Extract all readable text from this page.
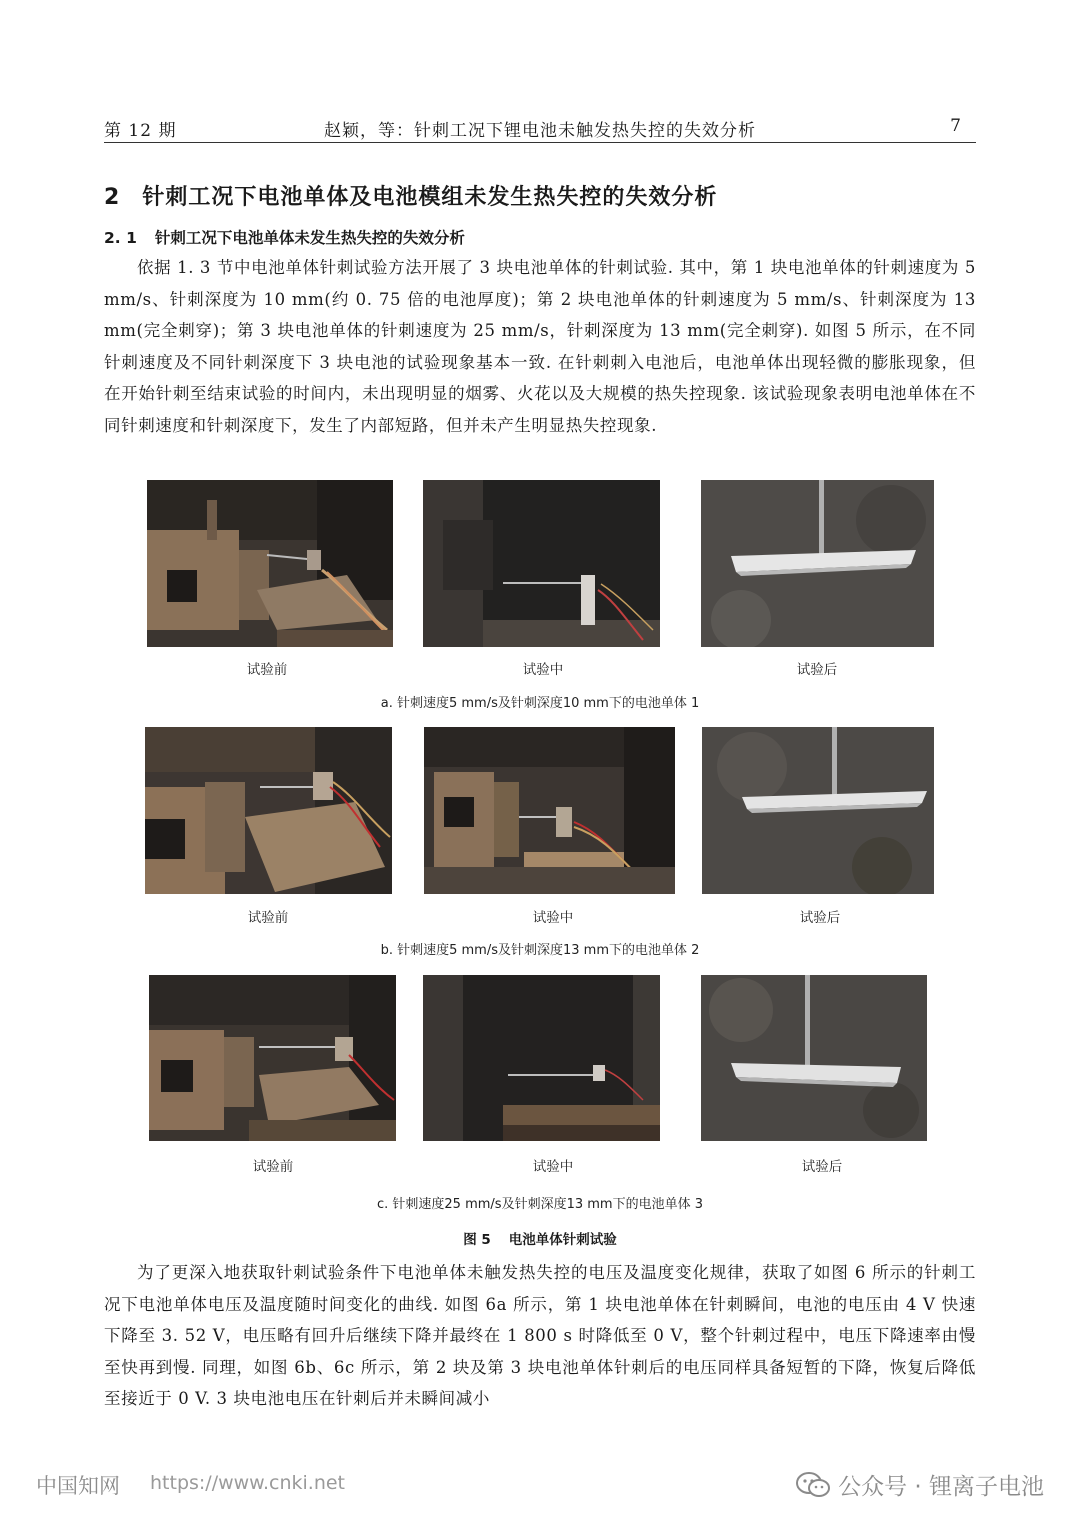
第 12 期	赵颖，等：针刺工况下锂电池未触发热失控的失效分析	7
2 针刺工况下电池单体及电池模组未发生热失控的失效分析
2. 1 针刺工况下电池单体未发生热失控的失效分析
依据 1. 3 节中电池单体针刺试验方法开展了 3 块电池单体的针刺试验. 其中，第 1 块电池单体的针刺速度为 5 mm/s、针刺深度为 10 mm(约 0. 75 倍的电池厚度)；第 2 块电池单体的针刺速度为 5 mm/s、针刺深度为 13 mm(完全刺穿)；第 3 块电池单体的针刺速度为 25 mm/s，针刺深度为 13 mm(完全刺穿). 如图 5 所示，在不同针刺速度及不同针刺深度下 3 块电池的试验现象基本一致. 在针刺刺入电池后，电池单体出现轻微的膨胀现象，但在开始针刺至结束试验的时间内，未出现明显的烟雾、火花以及大规模的热失控现象. 该试验现象表明电池单体在不同针刺速度和针刺深度下，发生了内部短路，但并未产生明显热失控现象.
试验前	试验中	试验后
a. 针刺速度5 mm/s及针刺深度10 mm下的电池单体 1
试验前	试验中	试验后
b. 针刺速度5 mm/s及针刺深度13 mm下的电池单体 2
试验前	试验中	试验后
c. 针刺速度25 mm/s及针刺深度13 mm下的电池单体 3
图 5 电池单体针刺试验
为了更深入地获取针刺试验条件下电池单体未触发热失控的电压及温度变化规律，获取了如图 6 所示的针刺工况下电池单体电压及温度随时间变化的曲线. 如图 6a 所示，第 1 块电池单体在针刺瞬间，电池的电压由 4 V 快速下降至 3. 52 V，电压略有回升后继续下降并最终在 1 800 s 时降低至 0 V，整个针刺过程中，电压下降速率由慢至快再到慢. 同理，如图 6b、6c 所示，第 2 块及第 3 块电池单体针刺后的电压同样具备短暂的下降，恢复后降低至接近于 0 V. 3 块电池电压在针刺后并未瞬间减小
中国知网 https://www.cnki.net	公众号 · 锂离子电池
